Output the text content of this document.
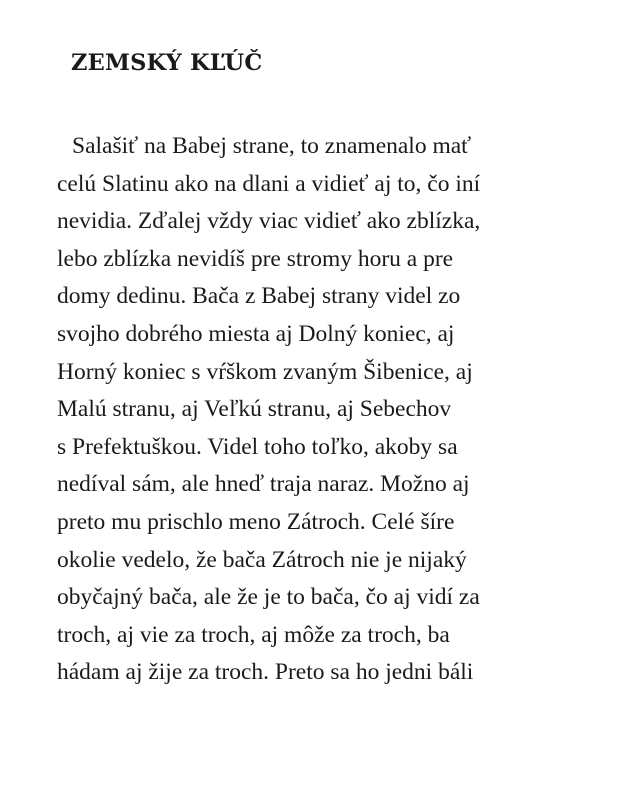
ZEMSKÝ KĽÚČ

Salašiť na Babej strane, to znamenalo mať
celú Slatinu ako na dlani a vidieť aj to, čo iní
nevidia. Zďalej vždy viac vidieť ako zblízka,
lebo zblízka nevidíš pre stromy horu a pre
domy dedinu. Bača z Babej strany videl zo
svojho dobrého miesta aj Dolný koniec, aj
Horný koniec s vŕškom zvaným Šibenice, aj
Malú stranu, aj Veľkú stranu, aj Sebechov
s Prefektuškou. Videl toho toľko, akoby sa
nedíval sám, ale hneď traja naraz. Možno aj
preto mu prischlo meno Zátroch. Celé šíre
okolie vedelo, že bača Zátroch nie je nijaký
obyčajný bača, ale že je to bača, čo aj vidí za
troch, aj vie za troch, aj môže za troch, ba
hádam aj žije za troch. Preto sa ho jedni báli
